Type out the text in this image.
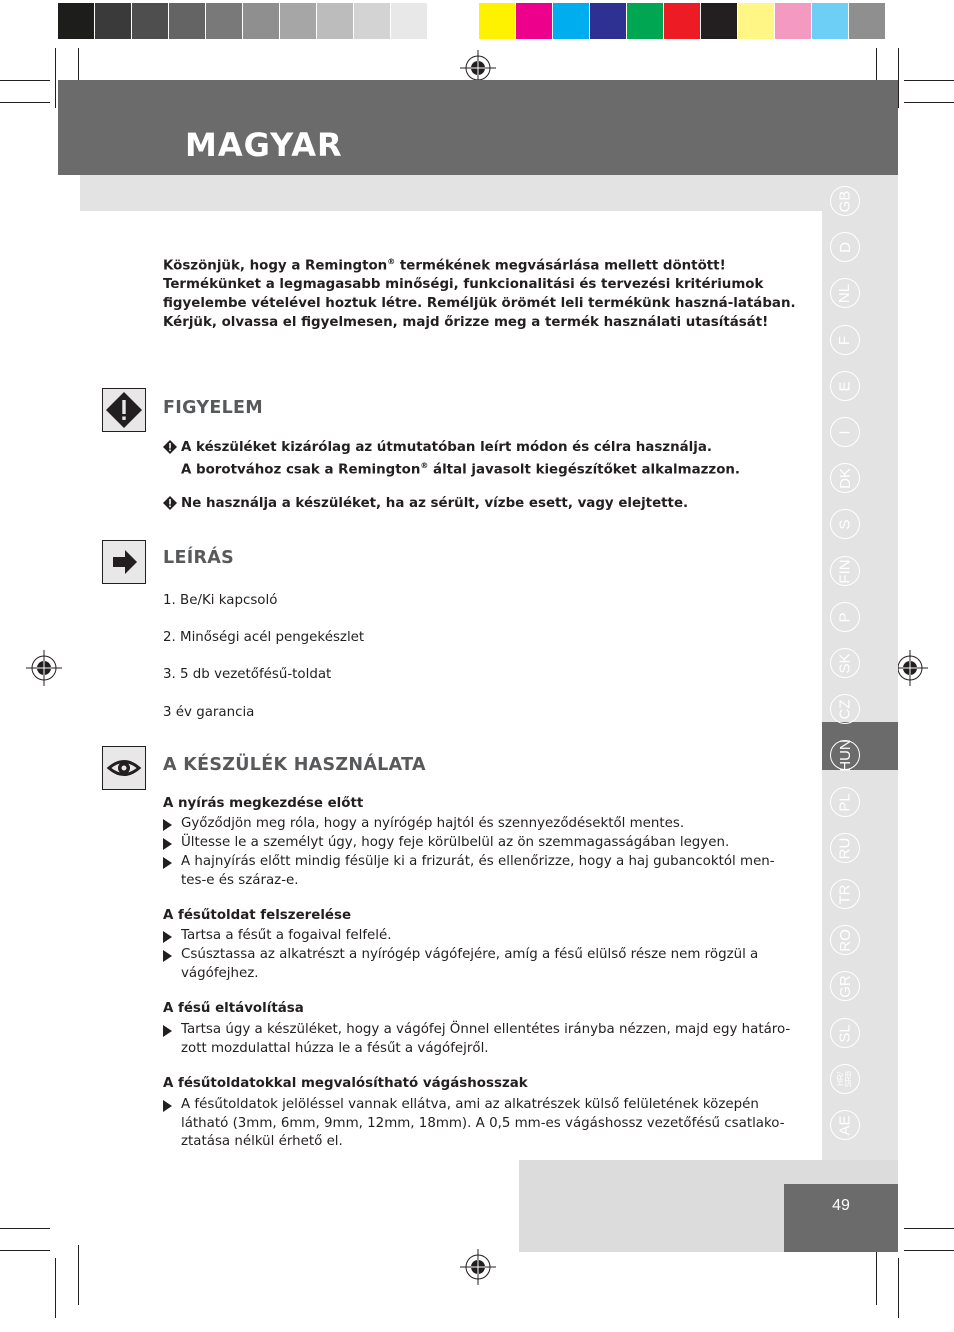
MAGYAR
GB
D
NL
F
E
I
DK
S
FIN
P
SK
CZ
HUN
PL
RU
TR
RO
GR
SL
HR/
SRB
AE
49
Köszönjük, hogy a Remington® termékének megvásárlása mellett döntött! Termékünket a legmagasabb minőségi, funkcionalitási és tervezési kritériumok figyelembe vételével hoztuk létre. Reméljük örömét leli termékünk haszná-latában. Kérjük, olvassa el figyelmesen, majd őrizze meg a termék használati utasítását!
FIGYELEM
A készüléket kizárólag az útmutatóban leírt módon és célra használja.
A borotvához csak a Remington® által javasolt kiegészítőket alkalmazzon.
Ne használja a készüléket, ha az sérült, vízbe esett, vagy elejtette.
LEÍRÁS
1. Be/Ki kapcsoló
2. Minőségi acél pengekészlet
3. 5 db vezetőfésű-toldat
3 év garancia
A KÉSZÜLÉK HASZNÁLATA
A nyírás megkezdése előtt
Győződjön meg róla, hogy a nyírógép hajtól és szennyeződésektől mentes.
Ültesse le a személyt úgy, hogy feje körülbelül az ön szemmagasságában legyen.
A hajnyírás előtt mindig fésülje ki a frizurát, és ellenőrizze, hogy a haj gubancoktól men-tes-e és száraz-e.
A fésűtoldat felszerelése
Tartsa a fésűt a fogaival felfelé.
Csúsztassa az alkatrészt a nyírógép vágófejére, amíg a fésű elülső része nem rögzül a vágófejhez.
A fésű eltávolítása
Tartsa úgy a készüléket, hogy a vágófej Önnel ellentétes irányba nézzen, majd egy határo-zott mozdulattal húzza le a fésűt a vágófejről.
A fésűtoldatokkal megvalósítható vágáshosszak
A fésűtoldatok jelöléssel vannak ellátva, ami az alkatrészek külső felületének közepén látható (3mm, 6mm, 9mm, 12mm, 18mm). A 0,5 mm-es vágáshossz vezetőfésű csatlako-ztatása nélkül érhető el.
